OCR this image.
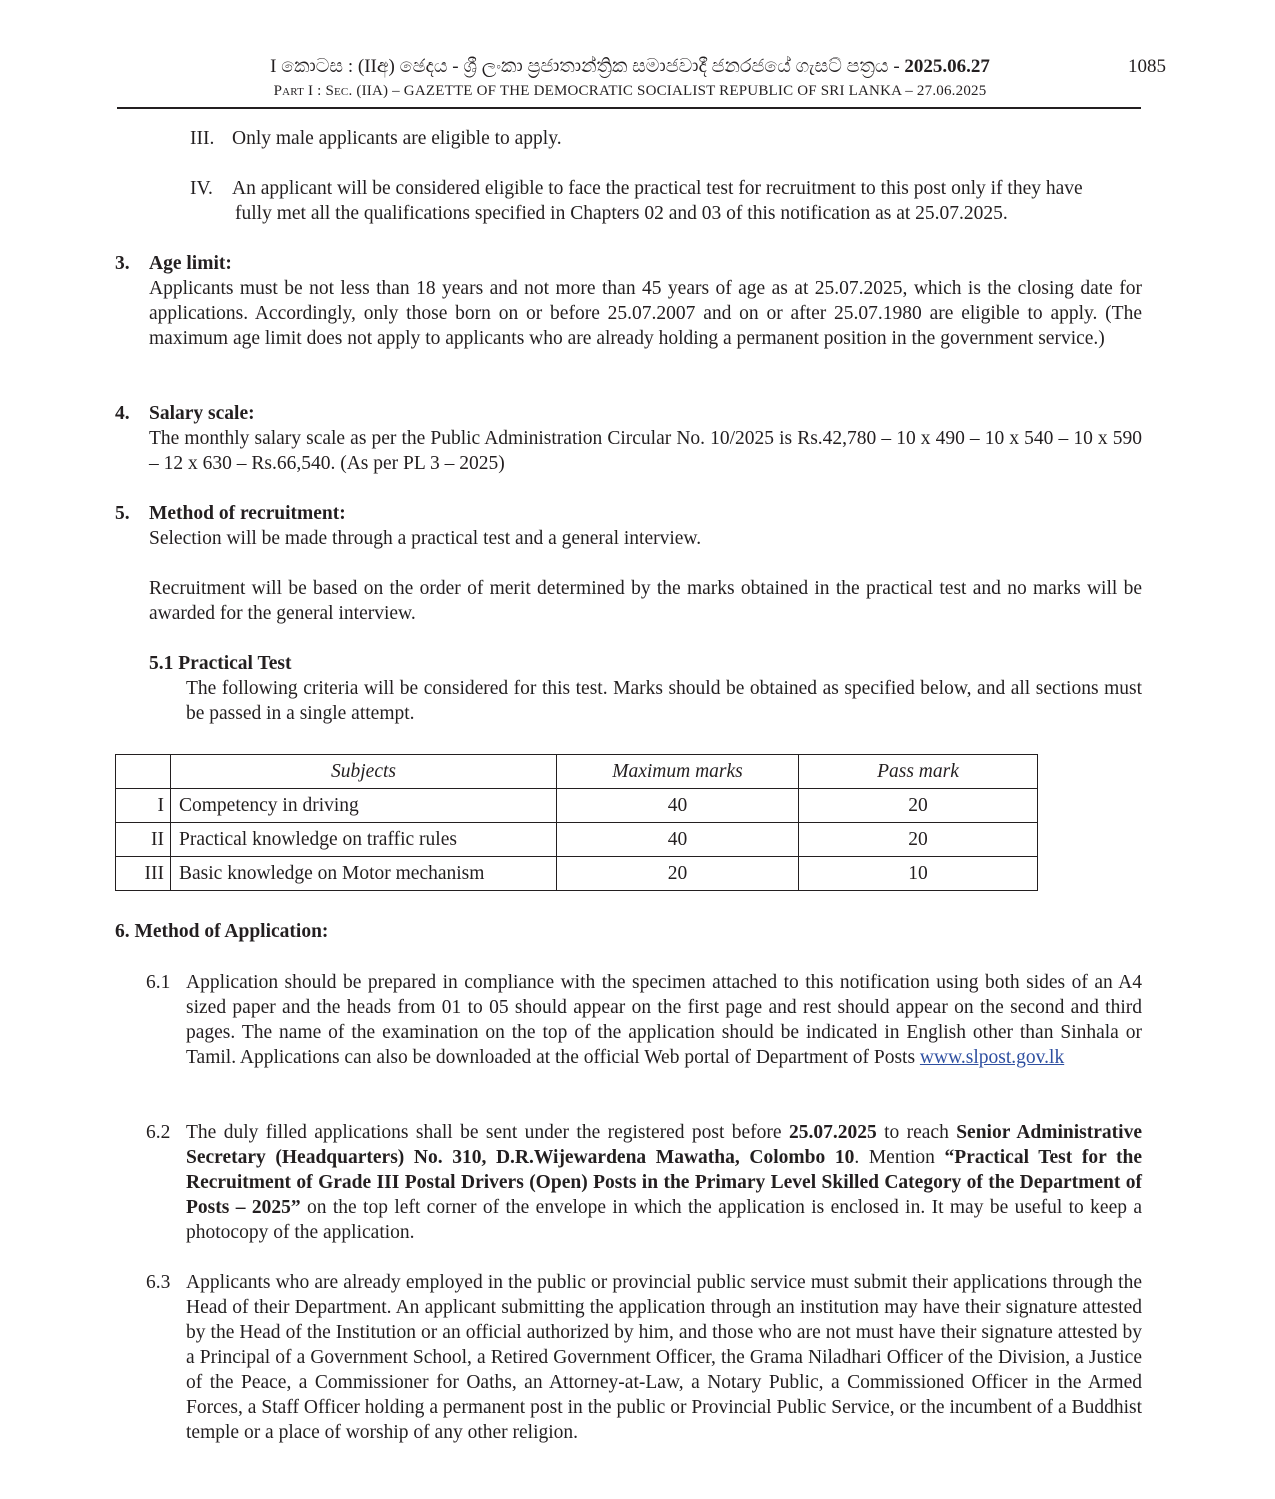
I කොටස : (IIඅ) ඡෙදය - ශ්‍රී ලංකා ප්‍රජාතාන්ත්‍රික සමාජවාදී ජනරජයේ ගැසට් පත්‍රය - 2025.06.27	1085
Part I : Sec. (IIA) – GAZETTE OF THE DEMOCRATIC SOCIALIST REPUBLIC OF SRI LANKA – 27.06.2025
III. Only male applicants are eligible to apply.
IV. An applicant will be considered eligible to face the practical test for recruitment to this post only if they have
fully met all the qualifications specified in Chapters 02 and 03 of this notification as at 25.07.2025.
3. Age limit:
Applicants must be not less than 18 years and not more than 45 years of age as at 25.07.2025, which is the closing date for applications. Accordingly, only those born on or before 25.07.2007 and on or after 25.07.1980 are eligible to apply. (The maximum age limit does not apply to applicants who are already holding a permanent position in the government service.)
4. Salary scale:
The monthly salary scale as per the Public Administration Circular No. 10/2025 is Rs.42,780 – 10 x 490 – 10 x 540 – 10 x 590 – 12 x 630 – Rs.66,540. (As per PL 3 – 2025)
5. Method of recruitment:
Selection will be made through a practical test and a general interview.
Recruitment will be based on the order of merit determined by the marks obtained in the practical test and no marks will be awarded for the general interview.
5.1 Practical Test
The following criteria will be considered for this test. Marks should be obtained as specified below, and all sections must be passed in a single attempt.
	Subjects	Maximum marks	Pass mark
I	Competency in driving	40	20
II	Practical knowledge on traffic rules	40	20
III	Basic knowledge on Motor mechanism	20	10
6. Method of Application:
6.1 Application should be prepared in compliance with the specimen attached to this notification using both sides of an A4 sized paper and the heads from 01 to 05 should appear on the first page and rest should appear on the second and third pages. The name of the examination on the top of the application should be indicated in English other than Sinhala or Tamil. Applications can also be downloaded at the official Web portal of Department of Posts www.slpost.gov.lk
6.2 The duly filled applications shall be sent under the registered post before 25.07.2025 to reach Senior Administrative Secretary (Headquarters) No. 310, D.R.Wijewardena Mawatha, Colombo 10. Mention “Practical Test for the Recruitment of Grade III Postal Drivers (Open) Posts in the Primary Level Skilled Category of the Department of Posts – 2025” on the top left corner of the envelope in which the application is enclosed in. It may be useful to keep a photocopy of the application.
6.3 Applicants who are already employed in the public or provincial public service must submit their applications through the Head of their Department. An applicant submitting the application through an institution may have their signature attested by the Head of the Institution or an official authorized by him, and those who are not must have their signature attested by a Principal of a Government School, a Retired Government Officer, the Grama Niladhari Officer of the Division, a Justice of the Peace, a Commissioner for Oaths, an Attorney-at-Law, a Notary Public, a Commissioned Officer in the Armed Forces, a Staff Officer holding a permanent post in the public or Provincial Public Service, or the incumbent of a Buddhist temple or a place of worship of any other religion.
